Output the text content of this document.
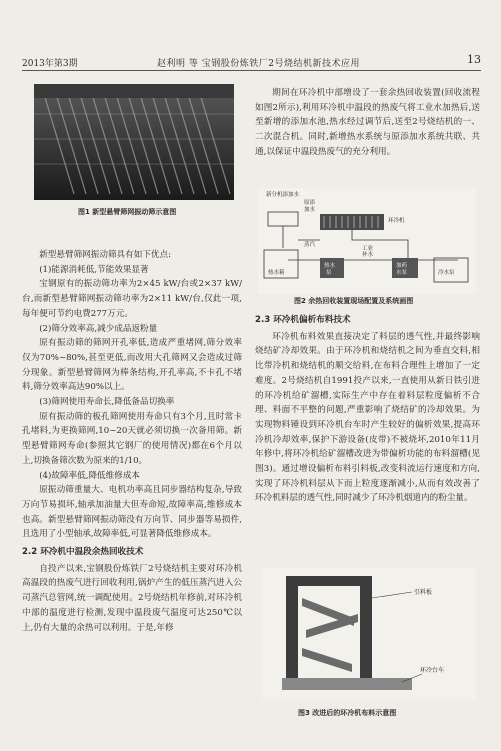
2013年第3期	赵利明 等 宝钢股份炼铁厂2号烧结机新技术应用	13
图1 新型悬臂筛网振动筛示意图

新型悬臂筛网振动筛具有如下优点:

(1)能源消耗低,节能效果显著

宝钢原有的振动筛功率为2×45 kW/台或2×37 kW/台,而新型悬臂筛网振动筛功率为2×11 kW/台,仅此一项,每年便可节约电费277万元。

(2)筛分效率高,减少成品返粉量

原有振动筛的筛网开孔率低,造成严重堵网,筛分效率仅为70%~80%,甚至更低,而改用大孔筛网又会造成过筛分现象。新型悬臂筛网为棒条结构,开孔率高,不卡孔不堵料,筛分效率高达90%以上。

(3)筛网使用寿命长,降低备品切换率

原有振动筛的板孔筛网使用寿命只有3个月,且时常卡孔堵料,为更换筛网,10~20天就必须切换一次备用筛。新型悬臂筛网寿命(参照其它钢厂的使用情况)都在6个月以上,切换备筛次数为原来的1/10。

(4)故障率低,降低维修成本

原振动筛重量大、电机功率高且同步器结构复杂,导致万向节易损坏,轴承加油量大但寿命短,故障率高,维修成本也高。新型悬臂筛网振动筛没有万向节、同步器等易损件,且选用了小型轴承,故障率低,可显著降低维修成本。

2.2 环冷机中温段余热回收技术

自投产以来,宝钢股份炼铁厂2号烧结机主要对环冷机高温段的热废气进行回收利用,锅炉产生的低压蒸汽进入公司蒸汽总管网,统一调配使用。2号烧结机年修前,对环冷机中部的温度进行检测,发现中温段废气温度可达250℃以上,仍有大量的余热可以利用。于是,年修

期间在环冷机中部增设了一套余热回收装置(回收流程如图2所示),利用环冷机中温段的热废气将工业水加热后,送至新增的添加水池,热水经过调节后,送至2号烧结机的一、二次混合机。同时,新增热水系统与原添加水系统共联、共通,以保证中温段热废气的充分利用。

新分机添加水
原添
加水
环冷机
蒸汽
工业
补水
热水箱
热水
泵
加药
水泵	冷水泵
图2 余热回收装置现场配置及系统画图
2.3 环冷机偏析布料技术

环冷机布料效果直接决定了料层的透气性,并最终影响烧结矿冷却效果。由于环冷机和烧结机之间为垂直交料,相比带冷机和烧结机的顺交给料,在布料合理性上增加了一定难度。2号烧结机自1991投产以来,一直使用从新日铁引进的环冷机给矿溜槽,实际生产中存在着料层粒度偏析不合理、料面不平整的问题,严重影响了烧结矿的冷却效果。为实现物料锤设到环冷机台车时产生较好的偏析效果,提高环冷机冷却效率,保护下游设备(皮带)不被烧坏,2010年11月年修中,将环冷机给矿溜槽改进为带偏析功能的布料溜槽(见图3)。通过增设偏析布料引料板,改变料流运行速度和方向,实现了环冷机料层从下而上粒度逐渐减小,从而有效改善了环冷机料层的透气性,同时减少了环冷机烟道内的粉尘量。

引料板
环冷台车
图3 改进后的环冷机布料示意图
